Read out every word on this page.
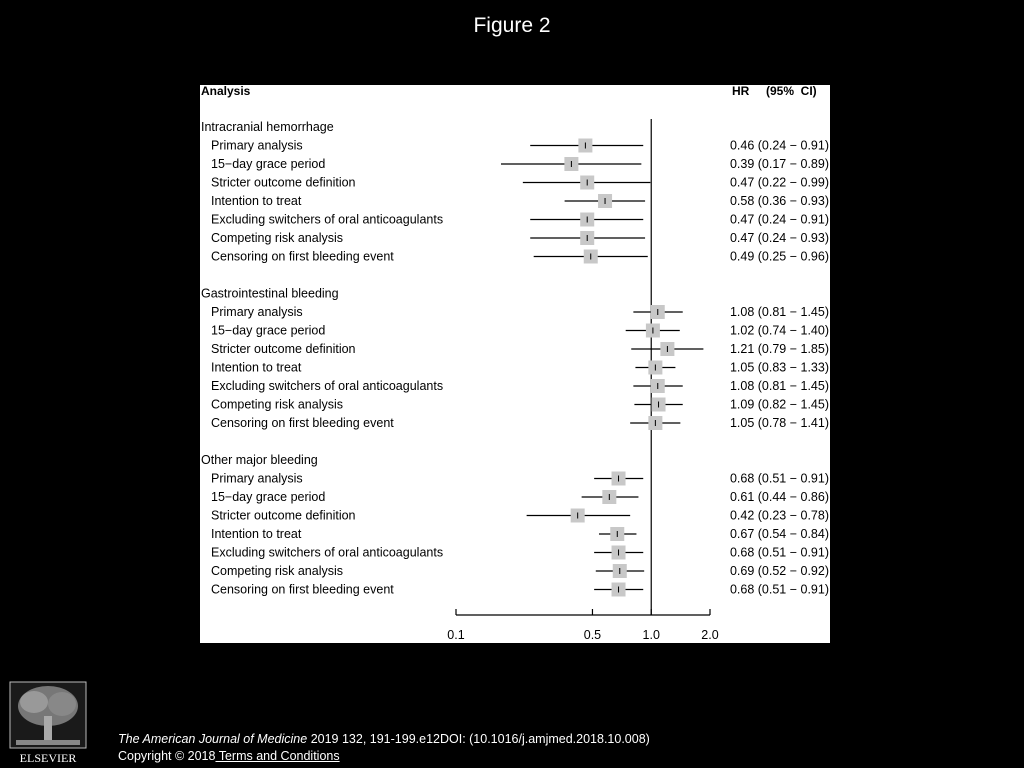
Figure 2
Analysis	HR (95%  CI)
Intracranial hemorrhage
Primary analysis	0.46 (0.24 − 0.91)
15−day grace period	0.39 (0.17 − 0.89)
Stricter outcome definition	0.47 (0.22 − 0.99)
Intention to treat	0.58 (0.36 − 0.93)
Excluding switchers of oral anticoagulants	0.47 (0.24 − 0.91)
Competing risk analysis	0.47 (0.24 − 0.93)
Censoring on first bleeding event	0.49 (0.25 − 0.96)
Gastrointestinal bleeding
Primary analysis	1.08 (0.81 − 1.45)
15−day grace period	1.02 (0.74 − 1.40)
Stricter outcome definition	1.21 (0.79 − 1.85)
Intention to treat	1.05 (0.83 − 1.33)
Excluding switchers of oral anticoagulants	1.08 (0.81 − 1.45)
Competing risk analysis	1.09 (0.82 − 1.45)
Censoring on first bleeding event	1.05 (0.78 − 1.41)
Other major bleeding
Primary analysis	0.68 (0.51 − 0.91)
15−day grace period	0.61 (0.44 − 0.86)
Stricter outcome definition	0.42 (0.23 − 0.78)
Intention to treat	0.67 (0.54 − 0.84)
Excluding switchers of oral anticoagulants	0.68 (0.51 − 0.91)
Competing risk analysis	0.69 (0.52 − 0.92)
Censoring on first bleeding event	0.68 (0.51 − 0.91)
0.1	0.5	1.0	2.0
ELSEVIER
The American Journal of Medicine 2019 132, 191-199.e12DOI: (10.1016/j.amjmed.2018.10.008)
Copyright © 2018 Terms and Conditions
